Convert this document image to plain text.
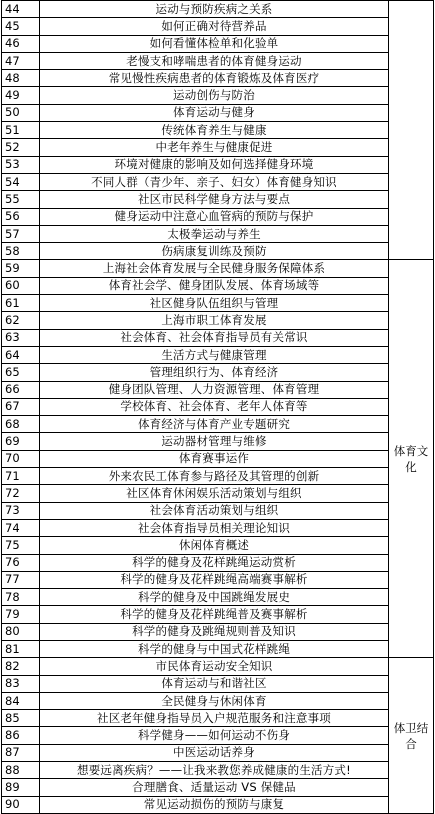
44	运动与预防疾病之关系	
45	如何正确对待营养品	
46	如何看懂体检单和化验单	
47	老慢支和哮喘患者的体育健身运动	
48	常见慢性疾病患者的体育锻炼及体育医疗	
49	运动创伤与防治	
50	体育运动与健身	
51	传统体育养生与健康	
52	中老年养生与健康促进	
53	环境对健康的影响及如何选择健身环境	
54	不同人群（青少年、亲子、妇女）体育健身知识	
55	社区市民科学健身方法与要点	
56	健身运动中注意心血管病的预防与保护	
57	太极拳运动与养生	
58	伤病康复训练及预防	
59	上海社会体育发展与全民健身服务保障体系	体育文化
60	体育社会学、健身团队发展、体育场域等	
61	社区健身队伍组织与管理	
62	上海市职工体育发展	
63	社会体育、社会体育指导员有关常识	
64	生活方式与健康管理	
65	管理组织行为、体育经济	
66	健身团队管理、人力资源管理、体育管理	
67	学校体育、社会体育、老年人体育等	
68	体育经济与体育产业专题研究	
69	运动器材管理与维修	
70	体育赛事运作	
71	外来农民工体育参与路径及其管理的创新	
72	社区体育休闲娱乐活动策划与组织	
73	社会体育活动策划与组织	
74	社会体育指导员相关理论知识	
75	休闲体育概述	
76	科学的健身及花样跳绳运动赏析	
77	科学的健身及花样跳绳高端赛事解析	
78	科学的健身及中国跳绳发展史	
79	科学的健身及花样跳绳普及赛事解析	
80	科学的健身及跳绳规则普及知识	
81	科学的健身与中国式花样跳绳	
82	市民体育运动安全知识	体卫结合
83	体育运动与和谐社区	
84	全民健身与休闲体育	
85	社区老年健身指导员入户规范服务和注意事项	
86	科学健身——如何运动不伤身	
87	中医运动话养身	
88	想要远离疾病？——让我来教您养成健康的生活方式!	
89	合理膳食、适量运动 VS 保健品	
90	常见运动损伤的预防与康复	
